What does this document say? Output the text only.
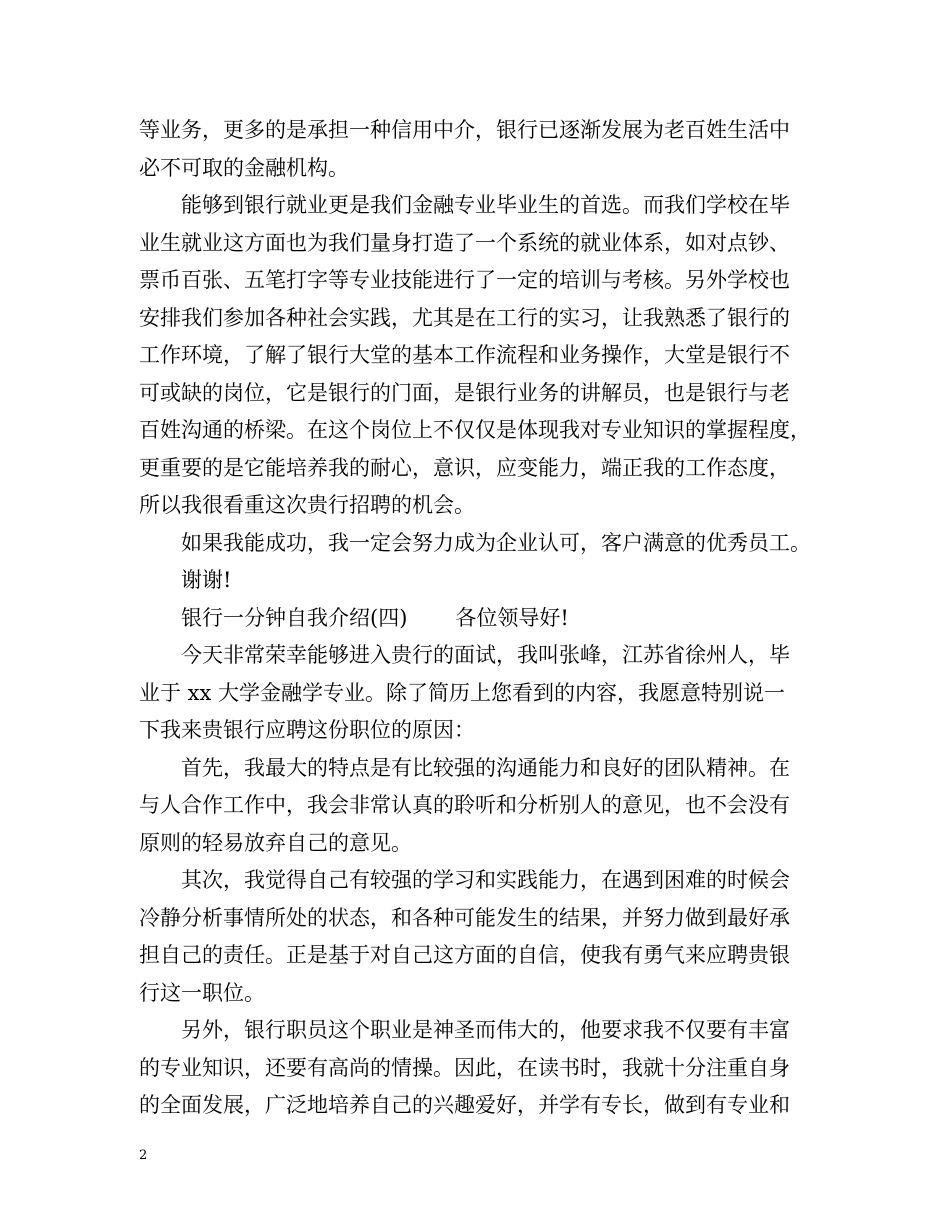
等业务，更多的是承担一种信用中介，银行已逐渐发展为老百姓生活中
必不可取的金融机构。
能够到银行就业更是我们金融专业毕业生的首选。而我们学校在毕
业生就业这方面也为我们量身打造了一个系统的就业体系，如对点钞、
票币百张、五笔打字等专业技能进行了一定的培训与考核。另外学校也
安排我们参加各种社会实践，尤其是在工行的实习，让我熟悉了银行的
工作环境，了解了银行大堂的基本工作流程和业务操作，大堂是银行不
可或缺的岗位，它是银行的门面，是银行业务的讲解员，也是银行与老
百姓沟通的桥梁。在这个岗位上不仅仅是体现我对专业知识的掌握程度，
更重要的是它能培养我的耐心，意识，应变能力，端正我的工作态度，
所以我很看重这次贵行招聘的机会。
如果我能成功，我一定会努力成为企业认可，客户满意的优秀员工。
谢谢!
银行一分钟自我介绍(四) 各位领导好!
今天非常荣幸能够进入贵行的面试，我叫张峰，江苏省徐州人，毕
业于 xx 大学金融学专业。除了简历上您看到的内容，我愿意特别说一
下我来贵银行应聘这份职位的原因：
首先，我最大的特点是有比较强的沟通能力和良好的团队精神。在
与人合作工作中，我会非常认真的聆听和分析别人的意见，也不会没有
原则的轻易放弃自己的意见。
其次，我觉得自己有较强的学习和实践能力，在遇到困难的时候会
冷静分析事情所处的状态，和各种可能发生的结果，并努力做到最好承
担自己的责任。正是基于对自己这方面的自信，使我有勇气来应聘贵银
行这一职位。
另外，银行职员这个职业是神圣而伟大的，他要求我不仅要有丰富
的专业知识，还要有高尚的情操。因此，在读书时，我就十分注重自身
的全面发展，广泛地培养自己的兴趣爱好，并学有专长，做到有专业和
2
